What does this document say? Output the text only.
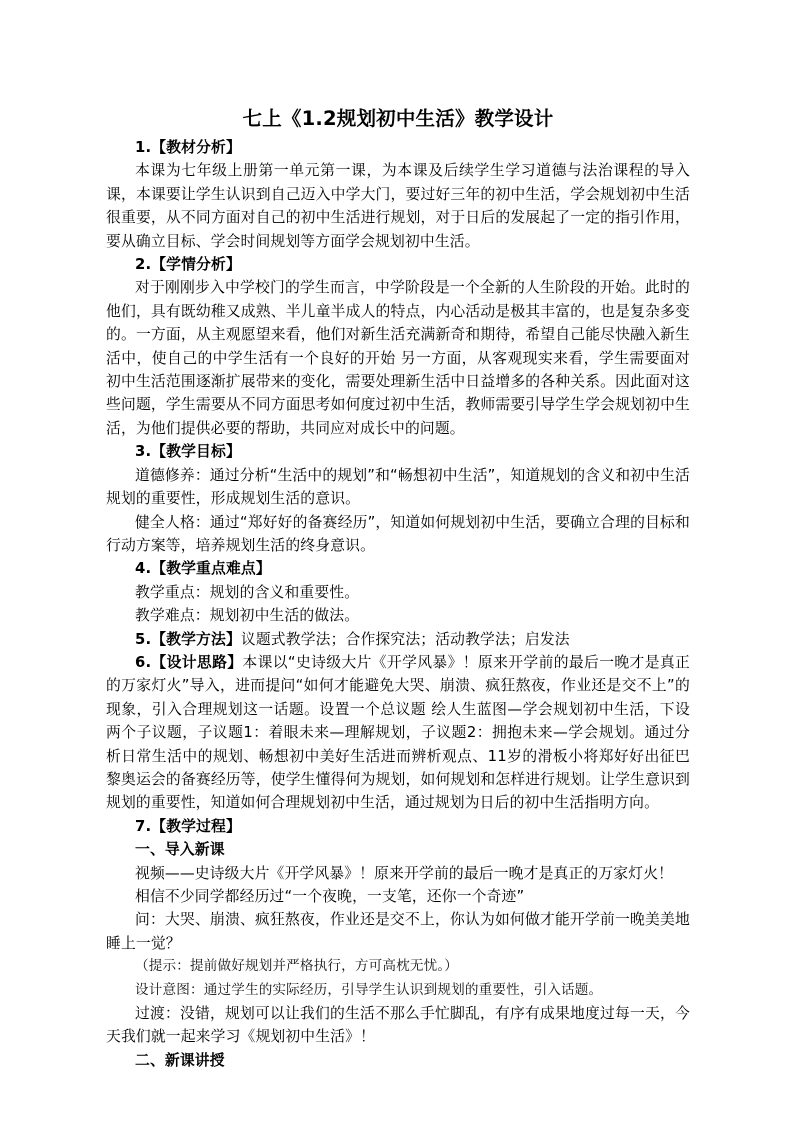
七上《1.2规划初中生活》教学设计

1.【教材分析】

本课为七年级上册第一单元第一课，为本课及后续学生学习道德与法治课程的导入课，本课要让学生认识到自己迈入中学大门，要过好三年的初中生活，学会规划初中生活很重要，从不同方面对自己的初中生活进行规划，对于日后的发展起了一定的指引作用，要从确立目标、学会时间规划等方面学会规划初中生活。

2.【学情分析】

对于刚刚步入中学校门的学生而言，中学阶段是一个全新的人生阶段的开始。此时的他们，具有既幼稚又成熟、半儿童半成人的特点，内心活动是极其丰富的，也是复杂多变的。一方面，从主观愿望来看，他们对新生活充满新奇和期待，希望自己能尽快融入新生活中，使自己的中学生活有一个良好的开始 另一方面，从客观现实来看，学生需要面对初中生活范围逐渐扩展带来的变化，需要处理新生活中日益增多的各种关系。因此面对这些问题，学生需要从不同方面思考如何度过初中生活，教师需要引导学生学会规划初中生活，为他们提供必要的帮助，共同应对成长中的问题。

3.【教学目标】

道德修养：通过分析“生活中的规划”和“畅想初中生活”，知道规划的含义和初中生活规划的重要性，形成规划生活的意识。

健全人格：通过“郑好好的备赛经历”，知道如何规划初中生活，要确立合理的目标和行动方案等，培养规划生活的终身意识。

4.【教学重点难点】

教学重点：规划的含义和重要性。

教学难点：规划初中生活的做法。

5.【教学方法】议题式教学法；合作探究法；活动教学法；启发法

6.【设计思路】本课以“史诗级大片《开学风暴》！原来开学前的最后一晚才是真正的万家灯火”导入，进而提问“如何才能避免大哭、崩溃、疯狂熬夜，作业还是交不上”的现象，引入合理规划这一话题。设置一个总议题 绘人生蓝图—学会规划初中生活，下设两个子议题，子议题1：着眼未来—理解规划，子议题2：拥抱未来—学会规划。通过分析日常生活中的规划、畅想初中美好生活进而辨析观点、11岁的滑板小将郑好好出征巴黎奥运会的备赛经历等，使学生懂得何为规划，如何规划和怎样进行规划。让学生意识到规划的重要性，知道如何合理规划初中生活，通过规划为日后的初中生活指明方向。

7.【教学过程】

一、导入新课

视频——史诗级大片《开学风暴》！原来开学前的最后一晚才是真正的万家灯火！

相信不少同学都经历过“一个夜晚，一支笔，还你一个奇迹”

问：大哭、崩溃、疯狂熬夜，作业还是交不上，你认为如何做才能开学前一晚美美地睡上一觉？

（提示：提前做好规划并严格执行，方可高枕无忧。）

设计意图：通过学生的实际经历，引导学生认识到规划的重要性，引入话题。

过渡：没错，规划可以让我们的生活不那么手忙脚乱，有序有成果地度过每一天，今天我们就一起来学习《规划初中生活》！

二、新课讲授
